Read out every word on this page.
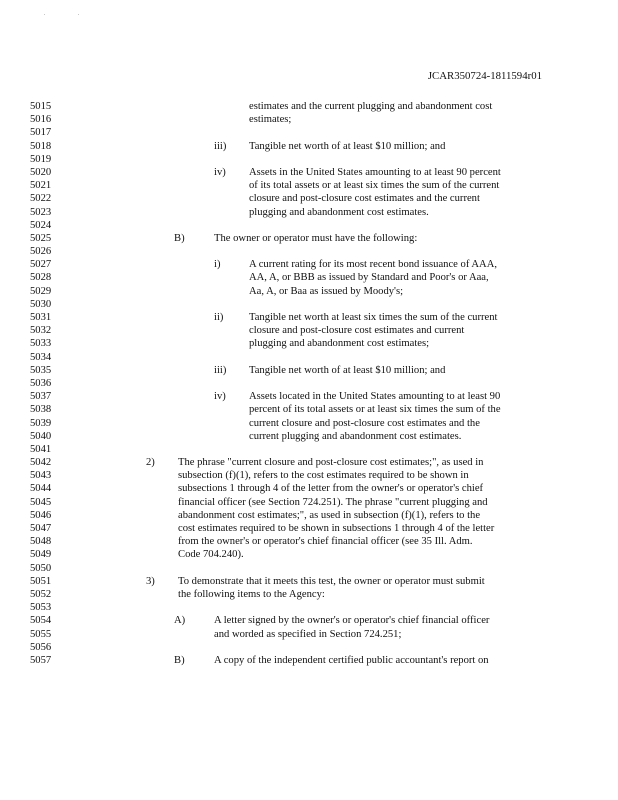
JCAR350724-1811594r01
5015	estimates and the current plugging and abandonment cost
5016	estimates;
5017
5018	iii) Tangible net worth of at least $10 million; and
5019
5020	iv) Assets in the United States amounting to at least 90 percent
5021	of its total assets or at least six times the sum of the current
5022	closure and post-closure cost estimates and the current
5023	plugging and abandonment cost estimates.
5024
5025	B)	The owner or operator must have the following:
5026
5027	i)	A current rating for its most recent bond issuance of AAA,
5028	AA, A, or BBB as issued by Standard and Poor's or Aaa,
5029	Aa, A, or Baa as issued by Moody's;
5030
5031	ii) Tangible net worth at least six times the sum of the current
5032	closure and post-closure cost estimates and current
5033	plugging and abandonment cost estimates;
5034
5035	iii) Tangible net worth of at least $10 million; and
5036
5037	iv) Assets located in the United States amounting to at least 90
5038	percent of its total assets or at least six times the sum of the
5039	current closure and post-closure cost estimates and the
5040	current plugging and abandonment cost estimates.
5041
5042	2) The phrase "current closure and post-closure cost estimates;", as used in
5043	subsection (f)(1), refers to the cost estimates required to be shown in
5044	subsections 1 through 4 of the letter from the owner's or operator's chief
5045	financial officer (see Section 724.251). The phrase "current plugging and
5046	abandonment cost estimates;", as used in subsection (f)(1), refers to the
5047	cost estimates required to be shown in subsections 1 through 4 of the letter
5048	from the owner's or operator's chief financial officer (see 35 Ill. Adm.
5049	Code 704.240).
5050
5051	3) To demonstrate that it meets this test, the owner or operator must submit
5052	the following items to the Agency:
5053
5054	A)	A letter signed by the owner's or operator's chief financial officer
5055	and worded as specified in Section 724.251;
5056
5057	B)	A copy of the independent certified public accountant's report on
